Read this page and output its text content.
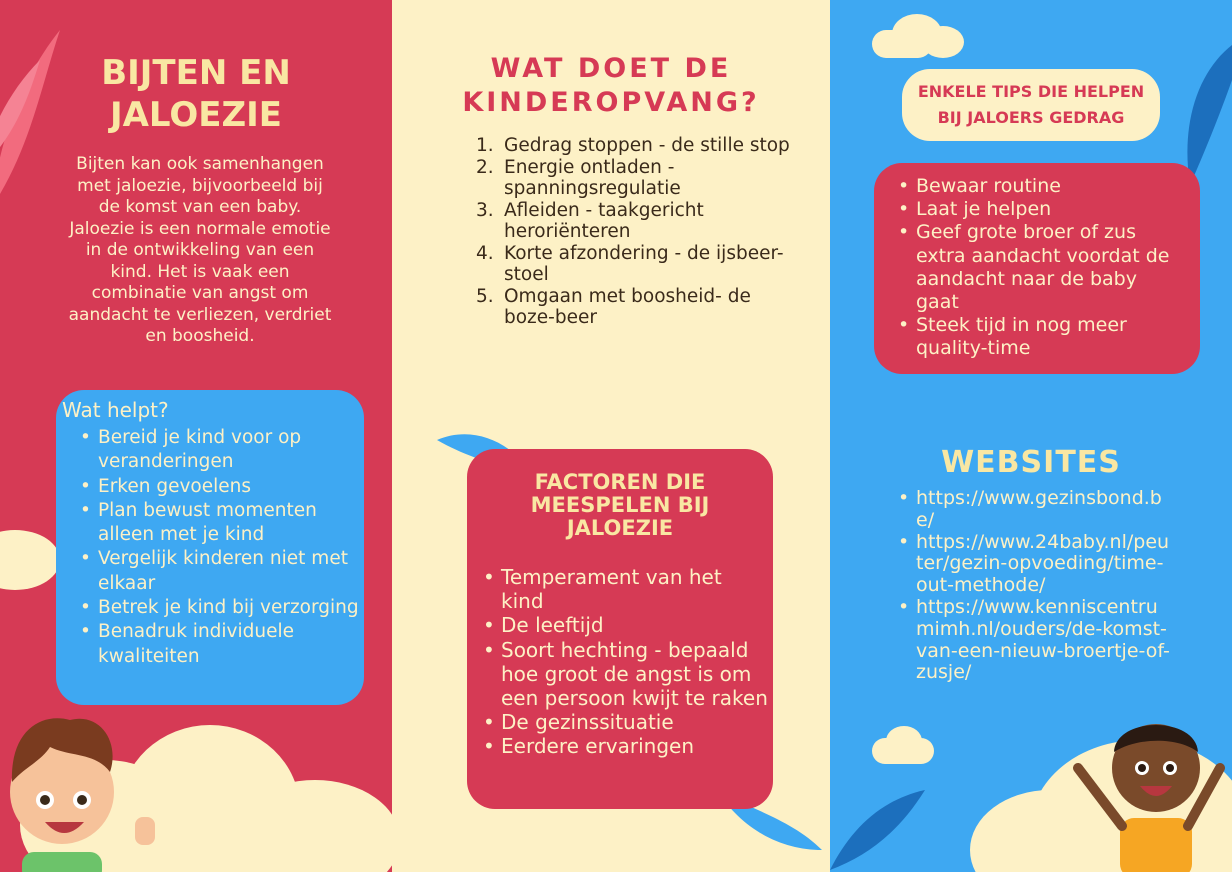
BIJTEN EN
JALOEZIE
Bijten kan ook samenhangen
met jaloezie, bijvoorbeeld bij
de komst van een baby.
Jaloezie is een normale emotie
in de ontwikkeling van een
kind. Het is vaak een
combinatie van angst om
aandacht te verliezen, verdriet
en boosheid.
Wat helpt?
• Bereid je kind voor op veranderingen
• Erken gevoelens
• Plan bewust momenten alleen met je kind
• Vergelijk kinderen niet met elkaar
• Betrek je kind bij verzorging
• Benadruk individuele kwaliteiten
WAT DOET DE
KINDEROPVANG?
1. Gedrag stoppen - de stille stop
2. Energie ontladen - spanningsregulatie
3. Afleiden - taakgericht heroriënteren
4. Korte afzondering - de ijsbeer-stoel
5. Omgaan met boosheid- de boze-beer
FACTOREN DIE
MEESPELEN BIJ
JALOEZIE
• Temperament van het kind
• De leeftijd
• Soort hechting - bepaald hoe groot de angst is om een persoon kwijt te raken
• De gezinssituatie
• Eerdere ervaringen
ENKELE TIPS DIE HELPEN
BIJ JALOERS GEDRAG
• Bewaar routine
• Laat je helpen
• Geef grote broer of zus extra aandacht voordat de aandacht naar de baby gaat
• Steek tijd in nog meer quality-time
WEBSITES
• https://www.gezinsbond.be/
• https://www.24baby.nl/peuter/gezin-opvoeding/time-out-methode/
• https://www.kenniscentrumimh.nl/ouders/de-komst-van-een-nieuw-broertje-of-zusje/
